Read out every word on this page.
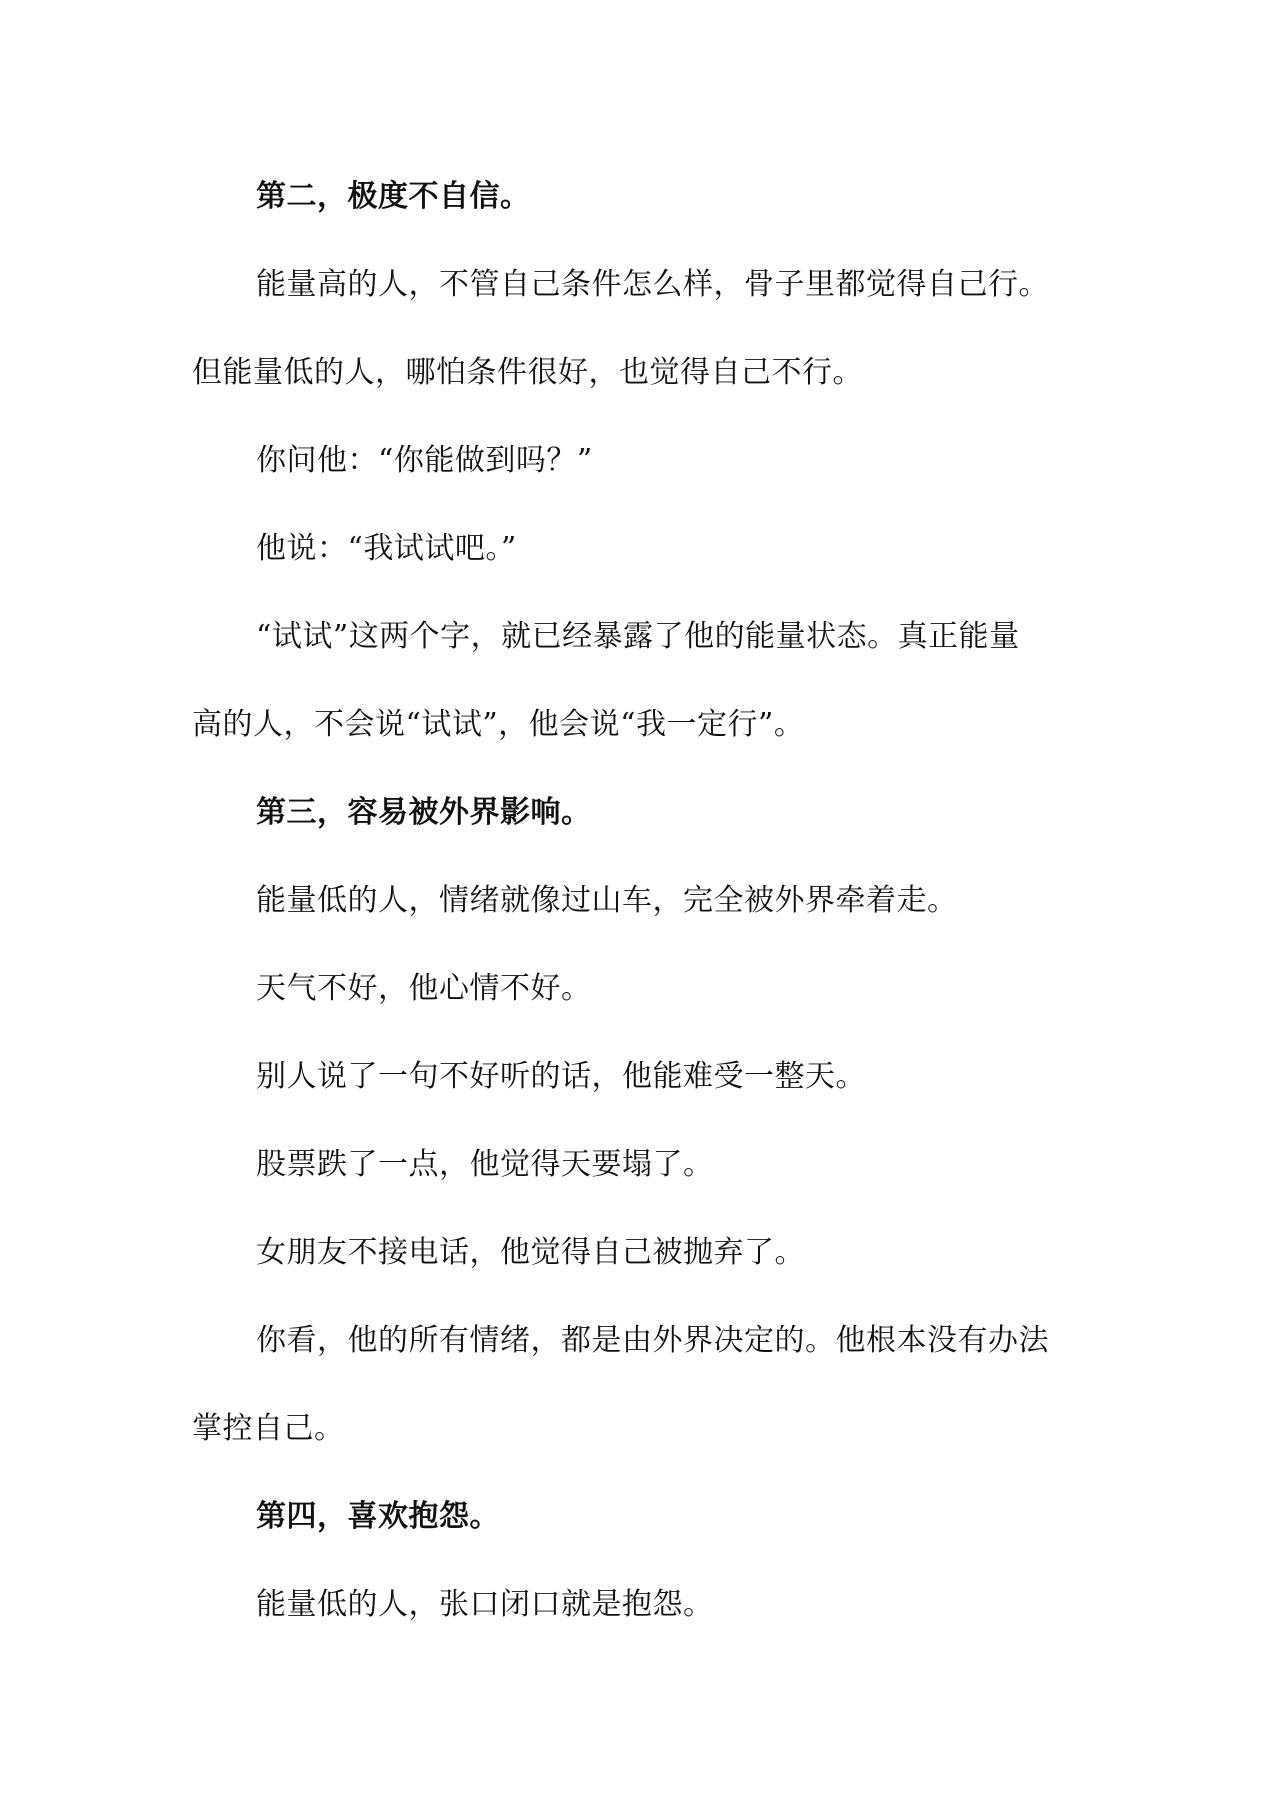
第二，极度不自信。
能量高的人，不管自己条件怎么样，骨子里都觉得自己行。
但能量低的人，哪怕条件很好，也觉得自己不行。
你问他：“你能做到吗？”
他说：“我试试吧。”
“试试”这两个字，就已经暴露了他的能量状态。真正能量
高的人，不会说“试试”，他会说“我一定行”。
第三，容易被外界影响。
能量低的人，情绪就像过山车，完全被外界牵着走。
天气不好，他心情不好。
别人说了一句不好听的话，他能难受一整天。
股票跌了一点，他觉得天要塌了。
女朋友不接电话，他觉得自己被抛弃了。
你看，他的所有情绪，都是由外界决定的。他根本没有办法
掌控自己。
第四，喜欢抱怨。
能量低的人，张口闭口就是抱怨。
